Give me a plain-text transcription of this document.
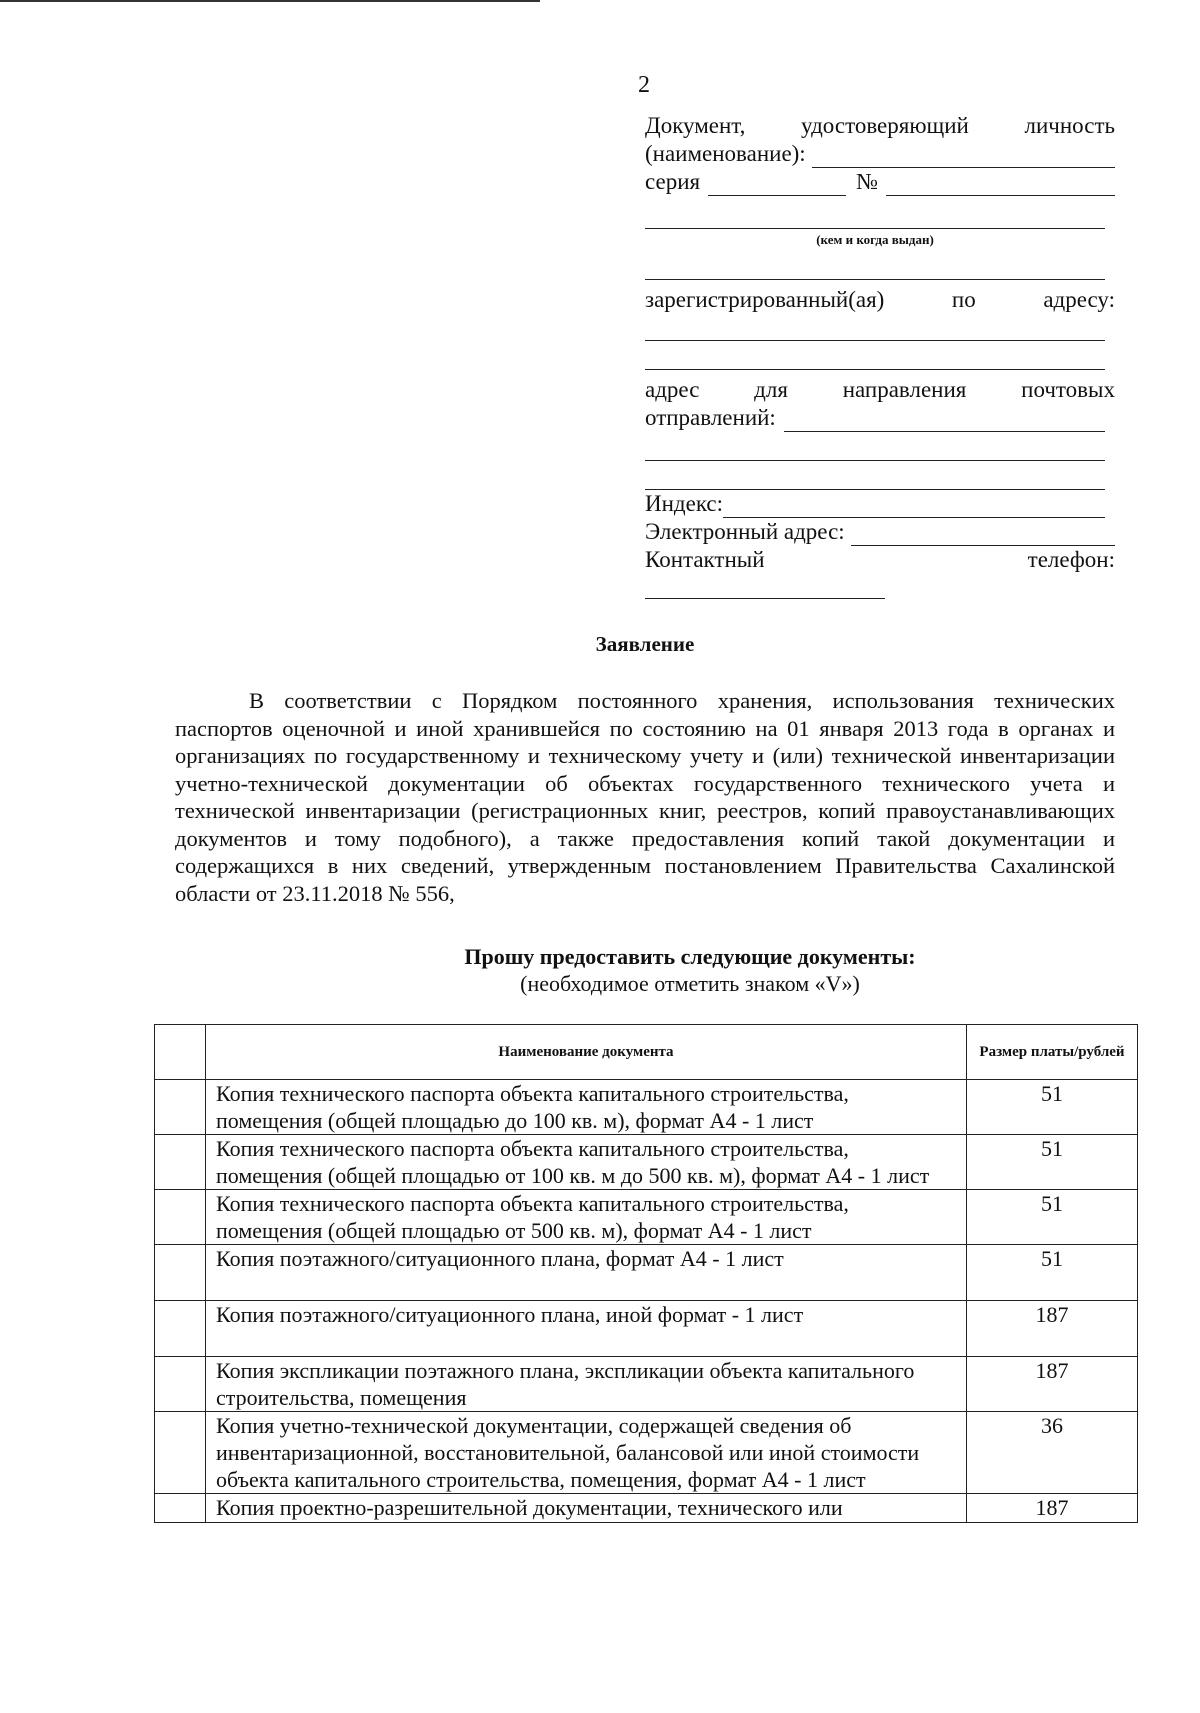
2
Документ, удостоверяющий личность
(наименование):
серия	№
(кем и когда выдан)
зарегистрированный(ая)	по	адресу:
адрес для направления почтовых
отправлений:
Индекс:
Электронный адрес:
Контактный	телефон:
Заявление
В соответствии с Порядком постоянного хранения, использования технических паспортов оценочной и иной хранившейся по состоянию на 01 января 2013 года в органах и организациях по государственному и техническому учету и (или) технической инвентаризации учетно-технической документации об объектах государственного технического учета и технической инвентаризации (регистрационных книг, реестров, копий правоустанавливающих документов и тому подобного), а также предоставления копий такой документации и содержащихся в них сведений, утвержденным постановлением Правительства Сахалинской области от 23.11.2018 № 556,
Прошу предоставить следующие документы:
(необходимое отметить знаком «V»)
	Наименование документа	Размер платы/рублей
	Копия технического паспорта объекта капитального строительства, помещения (общей площадью до 100 кв. м), формат А4 - 1 лист	51
	Копия технического паспорта объекта капитального строительства, помещения (общей площадью от 100 кв. м до 500 кв. м), формат А4 - 1 лист	51
	Копия технического паспорта объекта капитального строительства, помещения (общей площадью от 500 кв. м), формат А4 - 1 лист	51
	Копия поэтажного/ситуационного плана, формат А4 - 1 лист	51
	Копия поэтажного/ситуационного плана, иной формат - 1 лист	187
	Копия экспликации поэтажного плана, экспликации объекта капитального строительства, помещения	187
	Копия учетно-технической документации, содержащей сведения об инвентаризационной, восстановительной, балансовой или иной стоимости объекта капитального строительства, помещения, формат А4 - 1 лист	36
	Копия проектно-разрешительной документации, технического или	187
